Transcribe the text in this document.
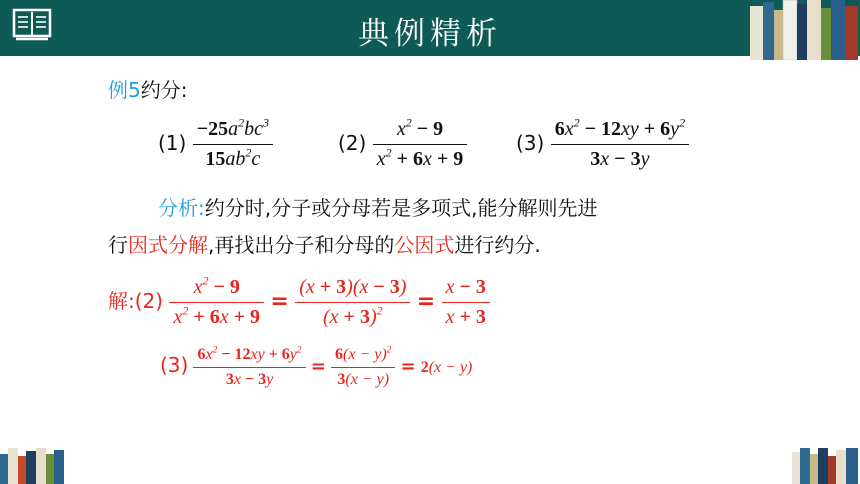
典例精析
例5约分:
$(1) \frac{-25a^2bc^3}{15ab^2c}$	$(2) \frac{x^2 - 9}{x^2 + 6x + 9} (3) \frac{6x^2 - 12xy + 6y^2}{3x - 3y}$
分析:约分时,分子或分母若是多项式,能分解则先进
行因式分解,再找出分子和分母的公因式进行约分.
解:(2) $\frac{x^2 - 9}{x^2 + 6x + 9} = \frac{(x + 3)(x - 3)}{(x + 3)^2} = \frac{x - 3}{x + 3}$
$(3) \frac{6x^2 - 12xy + 6y^2}{3x - 3y} = \frac{6(x - y)^2}{3(x - y)} = 2(x - y)$
